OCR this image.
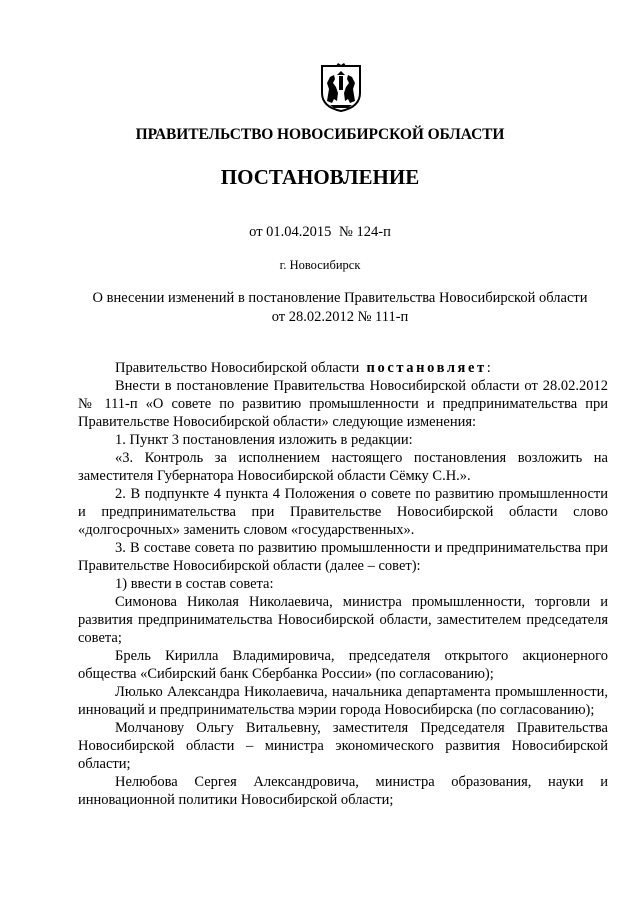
ПРАВИТЕЛЬСТВО НОВОСИБИРСКОЙ ОБЛАСТИ
ПОСТАНОВЛЕНИЕ
от 01.04.2015 № 124-п
г. Новосибирск
О внесении изменений в постановление Правительства Новосибирской области
от 28.02.2012 № 111-п

Правительство Новосибирской области постановляет:

Внести в постановление Правительства Новосибирской области от 28.02.2012 № 111-п «О совете по развитию промышленности и предпринимательства при Правительстве Новосибирской области» следующие изменения:

1. Пункт 3 постановления изложить в редакции:

«3. Контроль за исполнением настоящего постановления возложить на заместителя Губернатора Новосибирской области Сёмку С.Н.».

2. В подпункте 4 пункта 4 Положения о совете по развитию промышленности и предпринимательства при Правительстве Новосибирской области слово «долгосрочных» заменить словом «государственных».

3. В составе совета по развитию промышленности и предпринимательства при Правительстве Новосибирской области (далее – совет):

1) ввести в состав совета:

Симонова Николая Николаевича, министра промышленности, торговли и развития предпринимательства Новосибирской области, заместителем председателя совета;

Брель Кирилла Владимировича, председателя открытого акционерного общества «Сибирский банк Сбербанка России» (по согласованию);

Люлько Александра Николаевича, начальника департамента промышленности, инноваций и предпринимательства мэрии города Новосибирска (по согласованию);

Молчанову Ольгу Витальевну, заместителя Председателя Правительства Новосибирской области – министра экономического развития Новосибирской области;

Нелюбова Сергея Александровича, министра образования, науки и инновационной политики Новосибирской области;
